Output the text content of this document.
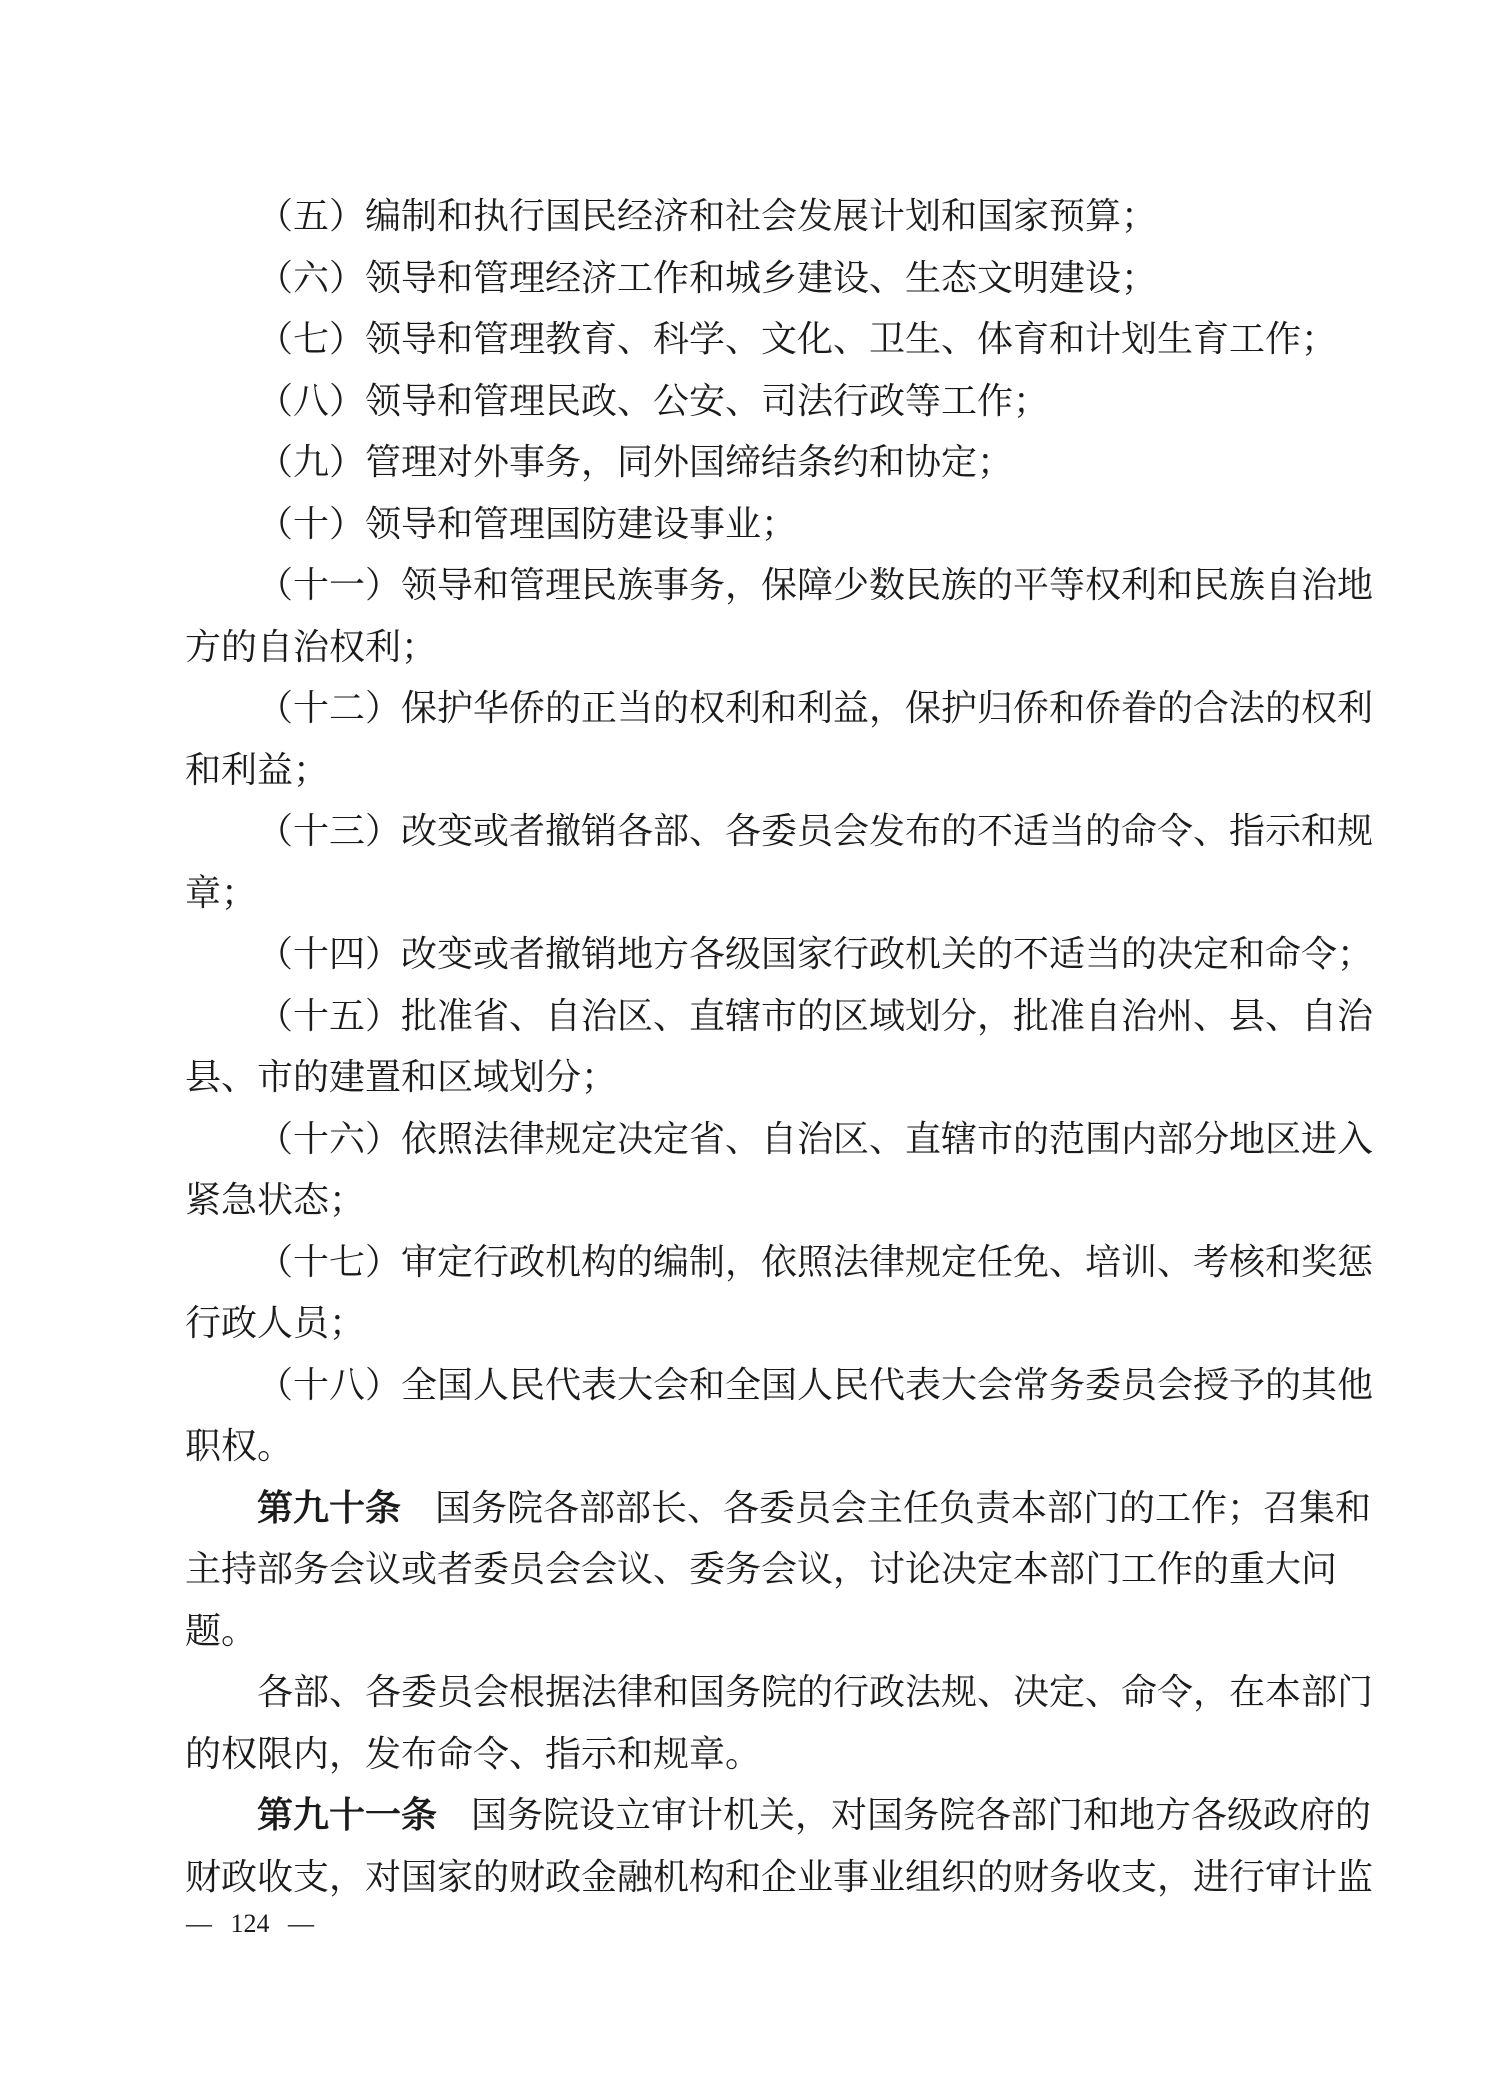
（五）编制和执行国民经济和社会发展计划和国家预算；
（六）领导和管理经济工作和城乡建设、生态文明建设；
（七）领导和管理教育、科学、文化、卫生、体育和计划生育工作；
（八）领导和管理民政、公安、司法行政等工作；
（九）管理对外事务，同外国缔结条约和协定；
（十）领导和管理国防建设事业；
（十一）领导和管理民族事务，保障少数民族的平等权利和民族自治地
方的自治权利；
（十二）保护华侨的正当的权利和利益，保护归侨和侨眷的合法的权利
和利益；
（十三）改变或者撤销各部、各委员会发布的不适当的命令、指示和规
章；
（十四）改变或者撤销地方各级国家行政机关的不适当的决定和命令；
（十五）批准省、自治区、直辖市的区域划分，批准自治州、县、自治
县、市的建置和区域划分；
（十六）依照法律规定决定省、自治区、直辖市的范围内部分地区进入
紧急状态；
（十七）审定行政机构的编制，依照法律规定任免、培训、考核和奖惩
行政人员；
（十八）全国人民代表大会和全国人民代表大会常务委员会授予的其他
职权。
第九十条 国务院各部部长、各委员会主任负责本部门的工作；召集和
主持部务会议或者委员会会议、委务会议，讨论决定本部门工作的重大问
题。
各部、各委员会根据法律和国务院的行政法规、决定、命令，在本部门
的权限内，发布命令、指示和规章。
第九十一条 国务院设立审计机关，对国务院各部门和地方各级政府的
财政收支，对国家的财政金融机构和企业事业组织的财务收支，进行审计监
— 124 —
